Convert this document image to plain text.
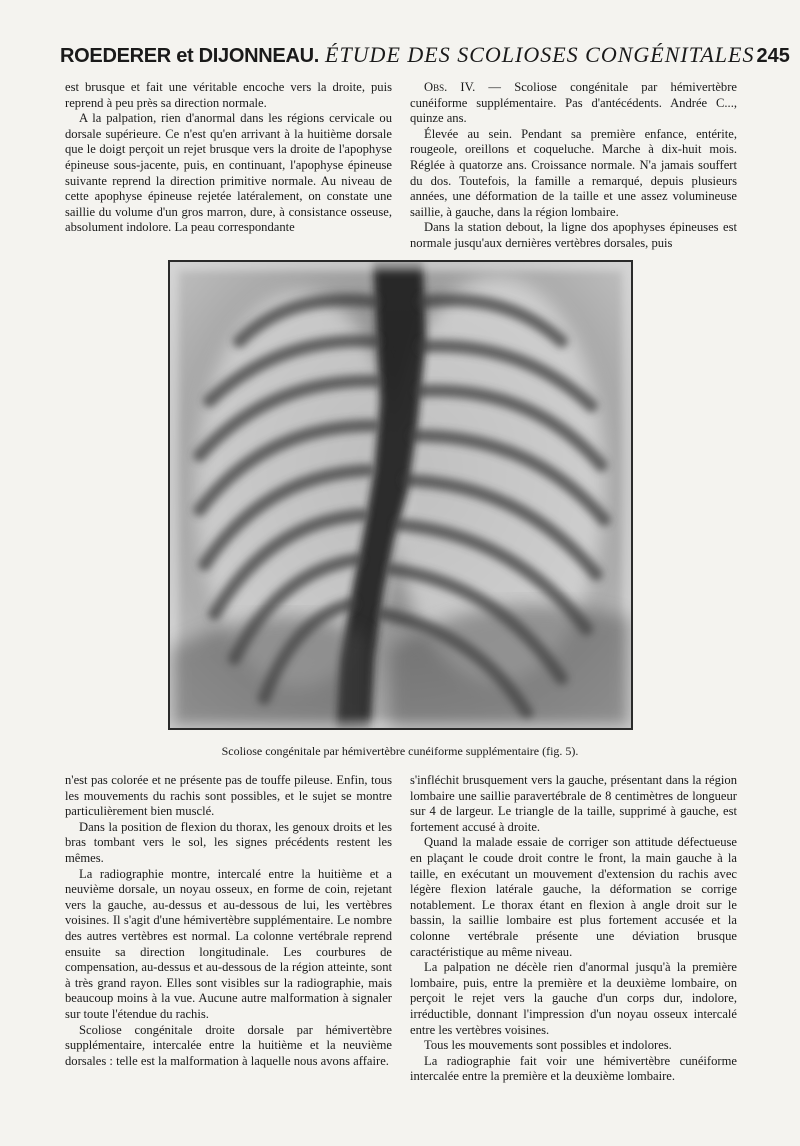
ROEDERER et DIJONNEAU. ÉTUDE DES SCOLIOSES CONGÉNITALES 245

est brusque et fait une véritable encoche vers la droite, puis reprend à peu près sa direction normale.

A la palpation, rien d'anormal dans les régions cervicale ou dorsale supérieure. Ce n'est qu'en arrivant à la huitième dorsale que le doigt perçoit un rejet brusque vers la droite de l'apophyse épineuse sous-jacente, puis, en continuant, l'apophyse épineuse suivante reprend la direction primitive normale. Au niveau de cette apophyse épineuse rejetée latéralement, on constate une saillie du volume d'un gros marron, dure, à consistance osseuse, absolument indolore. La peau correspondante

Obs. IV. — Scoliose congénitale par hémivertèbre cunéiforme supplémentaire. Pas d'antécédents. Andrée C..., quinze ans.

Élevée au sein. Pendant sa première enfance, entérite, rougeole, oreillons et coqueluche. Marche à dix-huit mois. Réglée à quatorze ans. Croissance normale. N'a jamais souffert du dos. Toutefois, la famille a remarqué, depuis plusieurs années, une déformation de la taille et une assez volumineuse saillie, à gauche, dans la région lombaire.

Dans la station debout, la ligne dos apophyses épineuses est normale jusqu'aux dernières vertèbres dorsales, puis

Scoliose congénitale par hémivertèbre cunéiforme supplémentaire (fig. 5).

n'est pas colorée et ne présente pas de touffe pileuse. Enfin, tous les mouvements du rachis sont possibles, et le sujet se montre particulièrement bien musclé.

Dans la position de flexion du thorax, les genoux droits et les bras tombant vers le sol, les signes précédents restent les mêmes.

La radiographie montre, intercalé entre la huitième et a neuvième dorsale, un noyau osseux, en forme de coin, rejetant vers la gauche, au-dessus et au-dessous de lui, les vertèbres voisines. Il s'agit d'une hémivertèbre supplémentaire. Le nombre des autres vertèbres est normal. La colonne vertébrale reprend ensuite sa direction longitudinale. Les courbures de compensation, au-dessus et au-dessous de la région atteinte, sont à très grand rayon. Elles sont visibles sur la radiographie, mais beaucoup moins à la vue. Aucune autre malformation à signaler sur toute l'étendue du rachis.

Scoliose congénitale droite dorsale par hémivertèbre supplémentaire, intercalée entre la huitième et la neuvième dorsales : telle est la malformation à laquelle nous avons affaire.

s'infléchit brusquement vers la gauche, présentant dans la région lombaire une saillie paravertébrale de 8 centimètres de longueur sur 4 de largeur. Le triangle de la taille, supprimé à gauche, est fortement accusé à droite.

Quand la malade essaie de corriger son attitude défectueuse en plaçant le coude droit contre le front, la main gauche à la taille, en exécutant un mouvement d'extension du rachis avec légère flexion latérale gauche, la déformation se corrige notablement. Le thorax étant en flexion à angle droit sur le bassin, la saillie lombaire est plus fortement accusée et la colonne vertébrale présente une déviation brusque caractéristique au même niveau.

La palpation ne décèle rien d'anormal jusqu'à la première lombaire, puis, entre la première et la deuxième lombaire, on perçoit le rejet vers la gauche d'un corps dur, indolore, irréductible, donnant l'impression d'un noyau osseux intercalé entre les vertèbres voisines.

Tous les mouvements sont possibles et indolores.

La radiographie fait voir une hémivertèbre cunéiforme intercalée entre la première et la deuxième lombaire.
